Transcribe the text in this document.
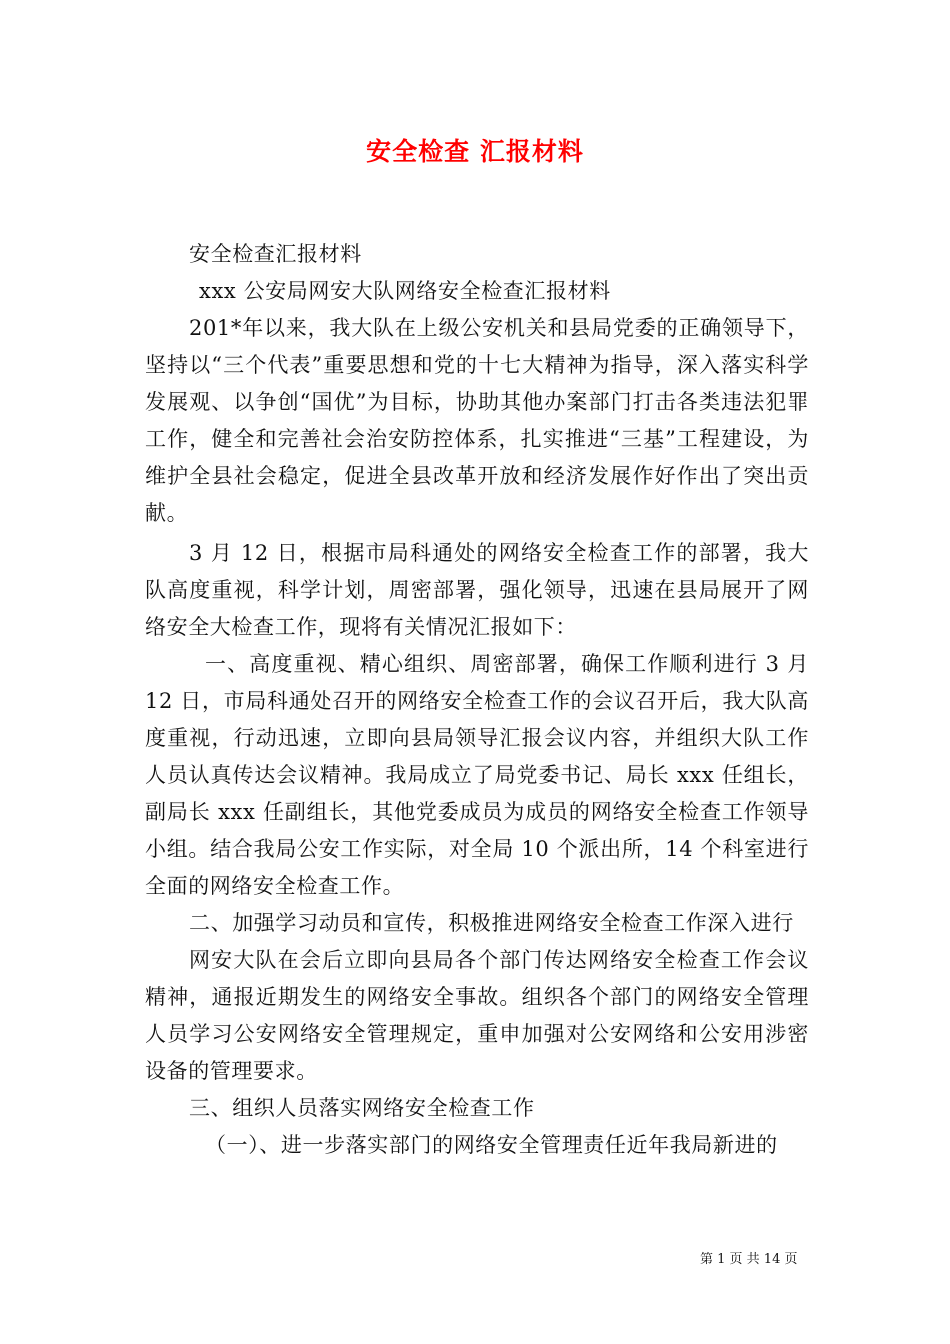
安全检查 汇报材料

安全检查汇报材料

xxx 公安局网安大队网络安全检查汇报材料

201*年以来，我大队在上级公安机关和县局党委的正确领导下，坚持以“三个代表”重要思想和党的十七大精神为指导，深入落实科学发展观、以争创“国优”为目标，协助其他办案部门打击各类违法犯罪工作，健全和完善社会治安防控体系，扎实推进“三基”工程建设，为维护全县社会稳定，促进全县改革开放和经济发展作好作出了突出贡献。

3 月 12 日，根据市局科通处的网络安全检查工作的部署，我大队高度重视，科学计划，周密部署，强化领导，迅速在县局展开了网络安全大检查工作，现将有关情况汇报如下：

一、高度重视、精心组织、周密部署，确保工作顺利进行 3 月 12 日，市局科通处召开的网络安全检查工作的会议召开后，我大队高度重视，行动迅速，立即向县局领导汇报会议内容，并组织大队工作人员认真传达会议精神。我局成立了局党委书记、局长 xxx 任组长，副局长 xxx 任副组长，其他党委成员为成员的网络安全检查工作领导小组。结合我局公安工作实际，对全局 10 个派出所，14 个科室进行全面的网络安全检查工作。

二、加强学习动员和宣传，积极推进网络安全检查工作深入进行

网安大队在会后立即向县局各个部门传达网络安全检查工作会议精神，通报近期发生的网络安全事故。组织各个部门的网络安全管理人员学习公安网络安全管理规定，重申加强对公安网络和公安用涉密设备的管理要求。

三、组织人员落实网络安全检查工作

（一）、进一步落实部门的网络安全管理责任近年我局新进的

第 1 页 共 14 页
